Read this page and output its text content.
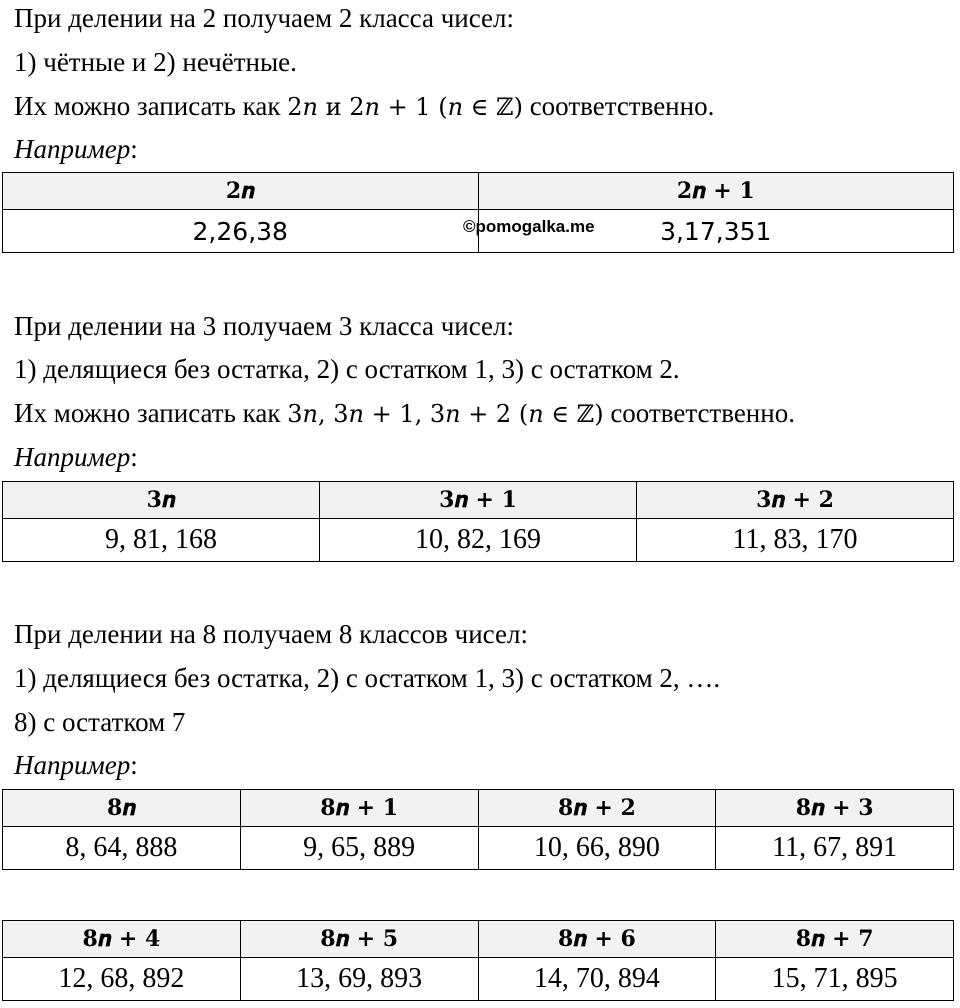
При делении на 2 получаем 2 класса чисел:
1) чётные и 2) нечётные.
Их можно записать как 2𝑛 и 2𝑛 + 1 (𝑛 ∈ ℤ) соответственно.
Например:
2𝒏	2𝒏 + 1
2,26,38	3,17,351
©pomogalka.me
При делении на 3 получаем 3 класса чисел:
1) делящиеся без остатка, 2) с остатком 1, 3) с остатком 2.
Их можно записать как 3𝑛, 3𝑛 + 1, 3𝑛 + 2 (𝑛 ∈ ℤ) соответственно.
Например:
3𝒏	3𝒏 + 1	3𝒏 + 2
9, 81, 168	10, 82, 169	11, 83, 170
При делении на 8 получаем 8 классов чисел:
1) делящиеся без остатка, 2) с остатком 1, 3) с остатком 2, ….
8) с остатком 7
Например:
8𝒏	8𝒏 + 1	8𝒏 + 2	8𝒏 + 3
8, 64, 888	9, 65, 889	10, 66, 890	11, 67, 891
8𝒏 + 4	8𝒏 + 5	8𝒏 + 6	8𝒏 + 7
12, 68, 892	13, 69, 893	14, 70, 894	15, 71, 895
